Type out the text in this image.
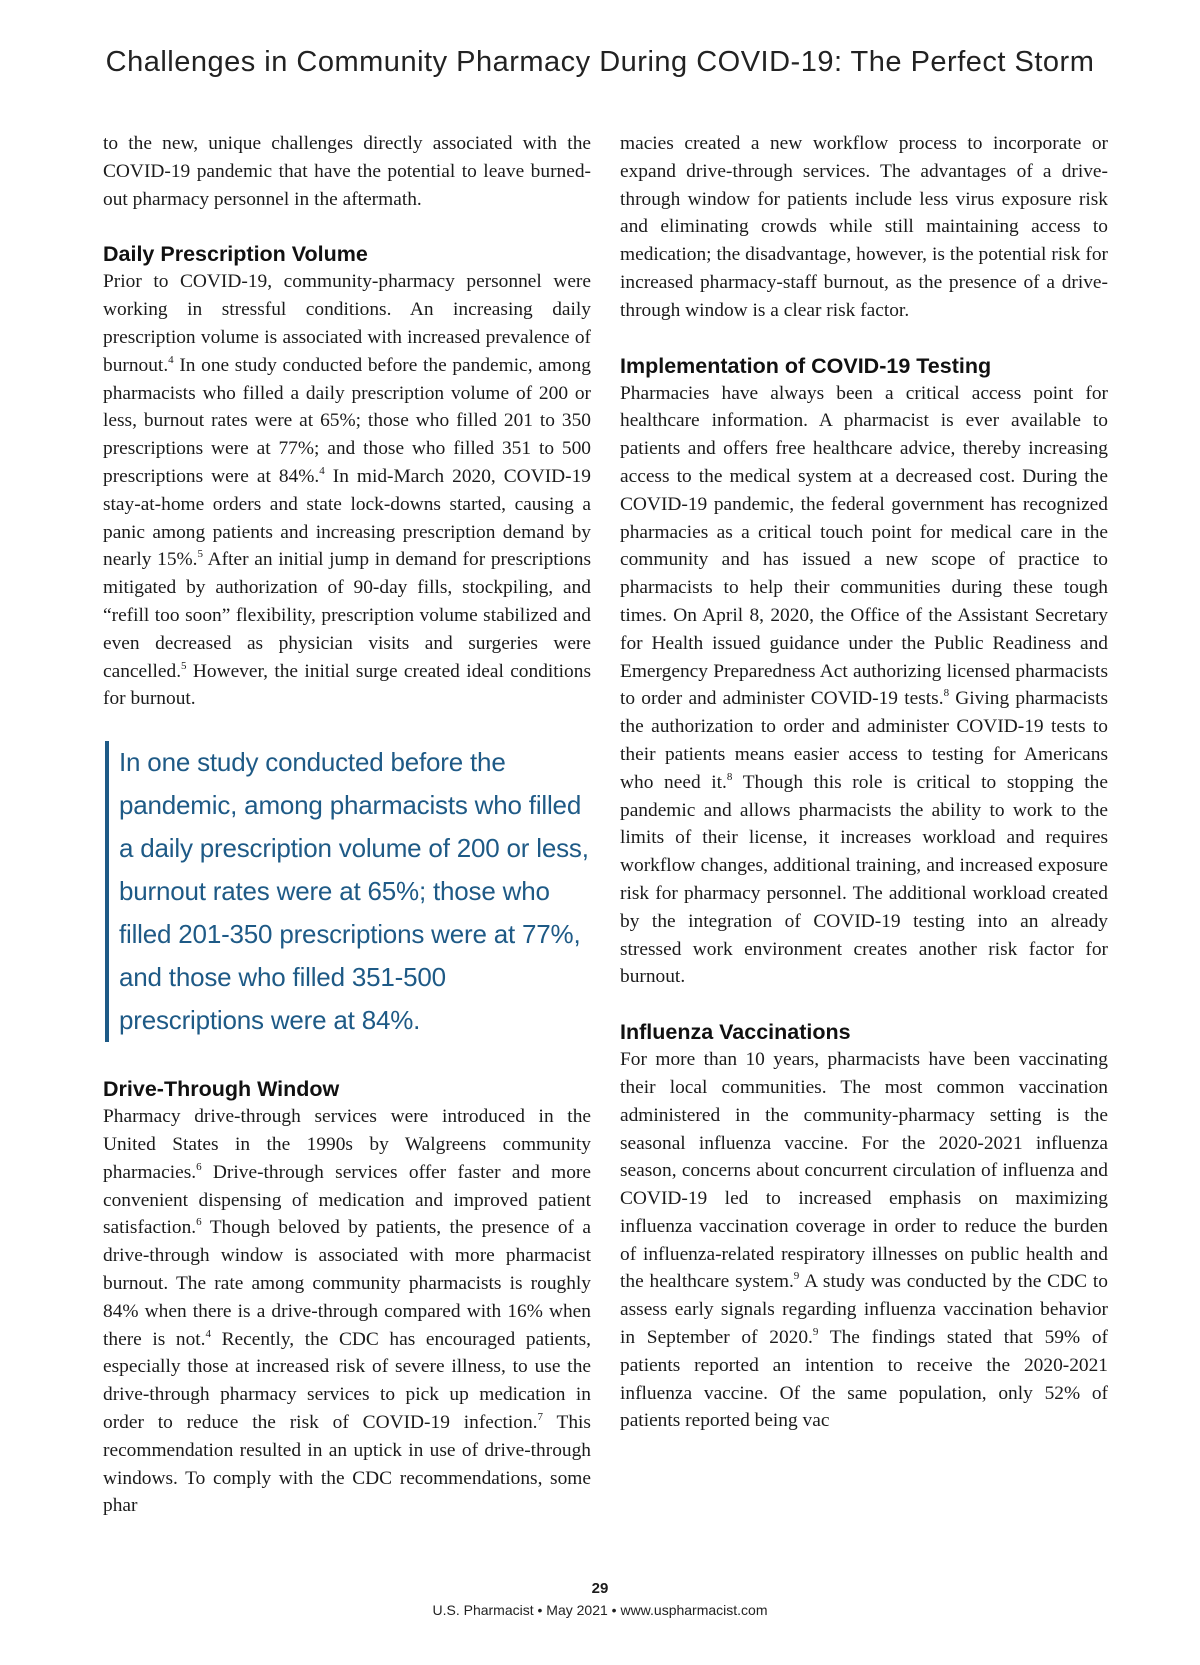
Challenges in Community Pharmacy During COVID-19: The Perfect Storm

to the new, unique challenges directly associated with the COVID-19 pandemic that have the potential to leave burned-out pharmacy personnel in the aftermath.

Daily Prescription Volume

Prior to COVID-19, community-pharmacy personnel were working in stressful conditions. An increasing daily prescription volume is associated with increased prevalence of burnout.$^4$ In one study conducted before the pandemic, among pharmacists who filled a daily prescription volume of 200 or less, burnout rates were at 65%; those who filled 201 to 350 prescriptions were at 77%; and those who filled 351 to 500 prescriptions were at 84%.$^4$ In mid-March 2020, COVID-19 stay-at-home orders and state lock-downs started, causing a panic among patients and increasing prescription demand by nearly 15%.$^5$ After an initial jump in demand for prescriptions mitigated by authorization of 90-day fills, stockpiling, and “refill too soon” flexibility, prescription volume stabilized and even decreased as physician visits and surgeries were cancelled.$^5$ However, the initial surge created ideal conditions for burnout.

In one study conducted before the pandemic, among pharmacists who filled a daily prescription volume of 200 or less, burnout rates were at 65%; those who filled 201-350 prescriptions were at 77%, and those who filled 351-500 prescriptions were at 84%.
Drive-Through Window

Pharmacy drive-through services were introduced in the United States in the 1990s by Walgreens community pharmacies.$^6$ Drive-through services offer faster and more convenient dispensing of medication and improved patient satisfaction.$^6$ Though beloved by patients, the presence of a drive-through window is associated with more pharmacist burnout. The rate among community pharmacists is roughly 84% when there is a drive-through compared with 16% when there is not.$^4$ Recently, the CDC has encouraged patients, especially those at increased risk of severe illness, to use the drive-through pharmacy services to pick up medication in order to reduce the risk of COVID-19 infection.$^7$ This recommendation resulted in an uptick in use of drive-through windows. To comply with the CDC recommendations, some phar

macies created a new workflow process to incorporate or expand drive-through services. The advantages of a drive-through window for patients include less virus exposure risk and eliminating crowds while still maintaining access to medication; the disadvantage, however, is the potential risk for increased pharmacy-staff burnout, as the presence of a drive-through window is a clear risk factor.

Implementation of COVID-19 Testing

Pharmacies have always been a critical access point for healthcare information. A pharmacist is ever available to patients and offers free healthcare advice, thereby increasing access to the medical system at a decreased cost. During the COVID-19 pandemic, the federal government has recognized pharmacies as a critical touch point for medical care in the community and has issued a new scope of practice to pharmacists to help their communities during these tough times. On April 8, 2020, the Office of the Assistant Secretary for Health issued guidance under the Public Readiness and Emergency Preparedness Act authorizing licensed pharmacists to order and administer COVID-19 tests.$^8$ Giving pharmacists the authorization to order and administer COVID-19 tests to their patients means easier access to testing for Americans who need it.$^8$ Though this role is critical to stopping the pandemic and allows pharmacists the ability to work to the limits of their license, it increases workload and requires workflow changes, additional training, and increased exposure risk for pharmacy personnel. The additional workload created by the integration of COVID-19 testing into an already stressed work environment creates another risk factor for burnout.

Influenza Vaccinations

For more than 10 years, pharmacists have been vaccinating their local communities. The most common vaccination administered in the community-pharmacy setting is the seasonal influenza vaccine. For the 2020-2021 influenza season, concerns about concurrent circulation of influenza and COVID-19 led to increased emphasis on maximizing influenza vaccination coverage in order to reduce the burden of influenza-related respiratory illnesses on public health and the healthcare system.$^9$ A study was conducted by the CDC to assess early signals regarding influenza vaccination behavior in September of 2020.$^9$ The findings stated that 59% of patients reported an intention to receive the 2020-2021 influenza vaccine. Of the same population, only 52% of patients reported being vac

29
U.S. Pharmacist • May 2021 • www.uspharmacist.com
